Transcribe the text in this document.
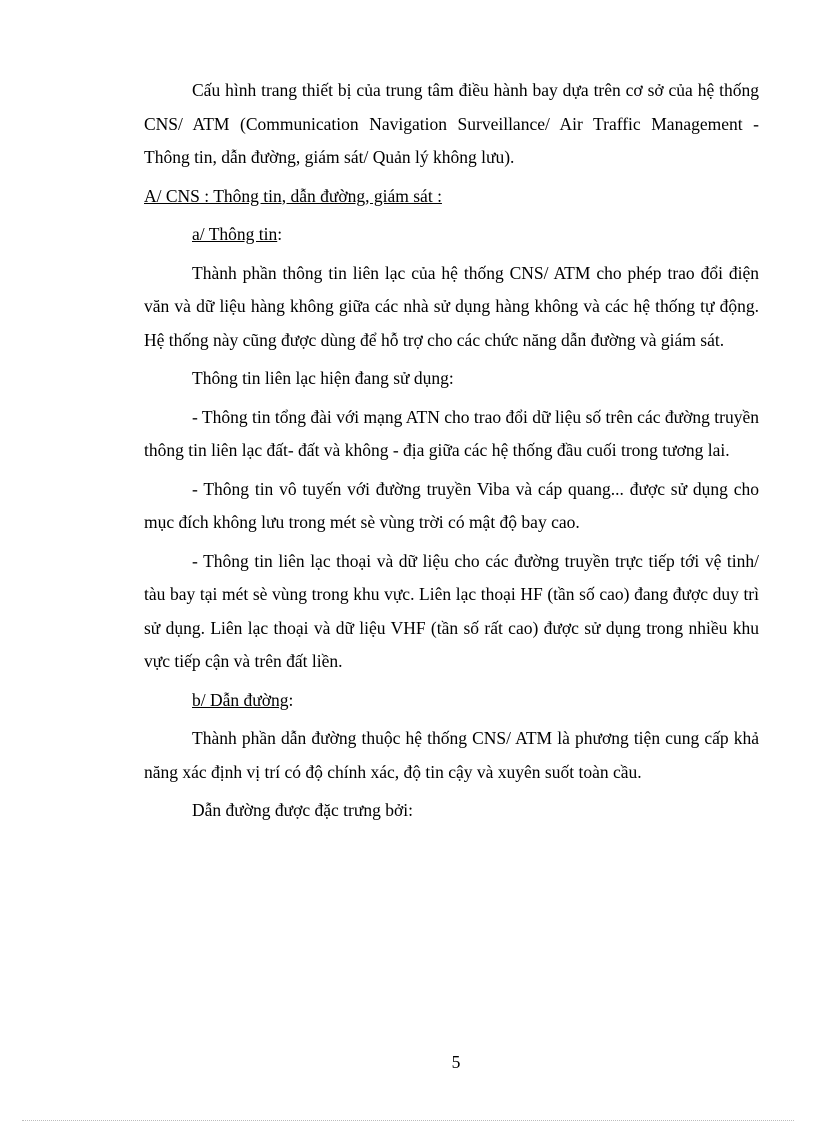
Cấu hình trang thiết bị của trung tâm điều hành bay dựa trên cơ sở của hệ thống CNS/ ATM (Communication Navigation Surveillance/ Air Traffic Management - Thông tin, dẫn đường, giám sát/ Quản lý không lưu).

A/ CNS : Thông tin, dẫn đường, giám sát :

a/ Thông tin:

Thành phần thông tin liên lạc của hệ thống CNS/ ATM cho phép trao đổi điện văn và dữ liệu hàng không giữa các nhà sử dụng hàng không và các hệ thống tự động. Hệ thống này cũng được dùng để hỗ trợ cho các chức năng dẫn đường và giám sát.

Thông tin liên lạc hiện đang sử dụng:

- Thông tin tổng đài với mạng ATN cho trao đổi dữ liệu số trên các đường truyền thông tin liên lạc đất- đất và không - địa giữa các hệ thống đầu cuối trong tương lai.

- Thông tin vô tuyến với đường truyền Viba và cáp quang... được sử dụng cho mục đích không lưu trong mét sè vùng trời có mật độ bay cao.

- Thông tin liên lạc thoại và dữ liệu cho các đường truyền trực tiếp tới vệ tinh/ tàu bay tại mét sè vùng trong khu vực. Liên lạc thoại HF (tần số cao) đang được duy trì sử dụng. Liên lạc thoại và dữ liệu VHF (tần số rất cao) được sử dụng trong nhiều khu vực tiếp cận và trên đất liền.

b/ Dẫn đường:

Thành phần dẫn đường thuộc hệ thống CNS/ ATM là phương tiện cung cấp khả năng xác định vị trí có độ chính xác, độ tin cậy và xuyên suốt toàn cầu.

Dẫn đường được đặc trưng bởi:

5
